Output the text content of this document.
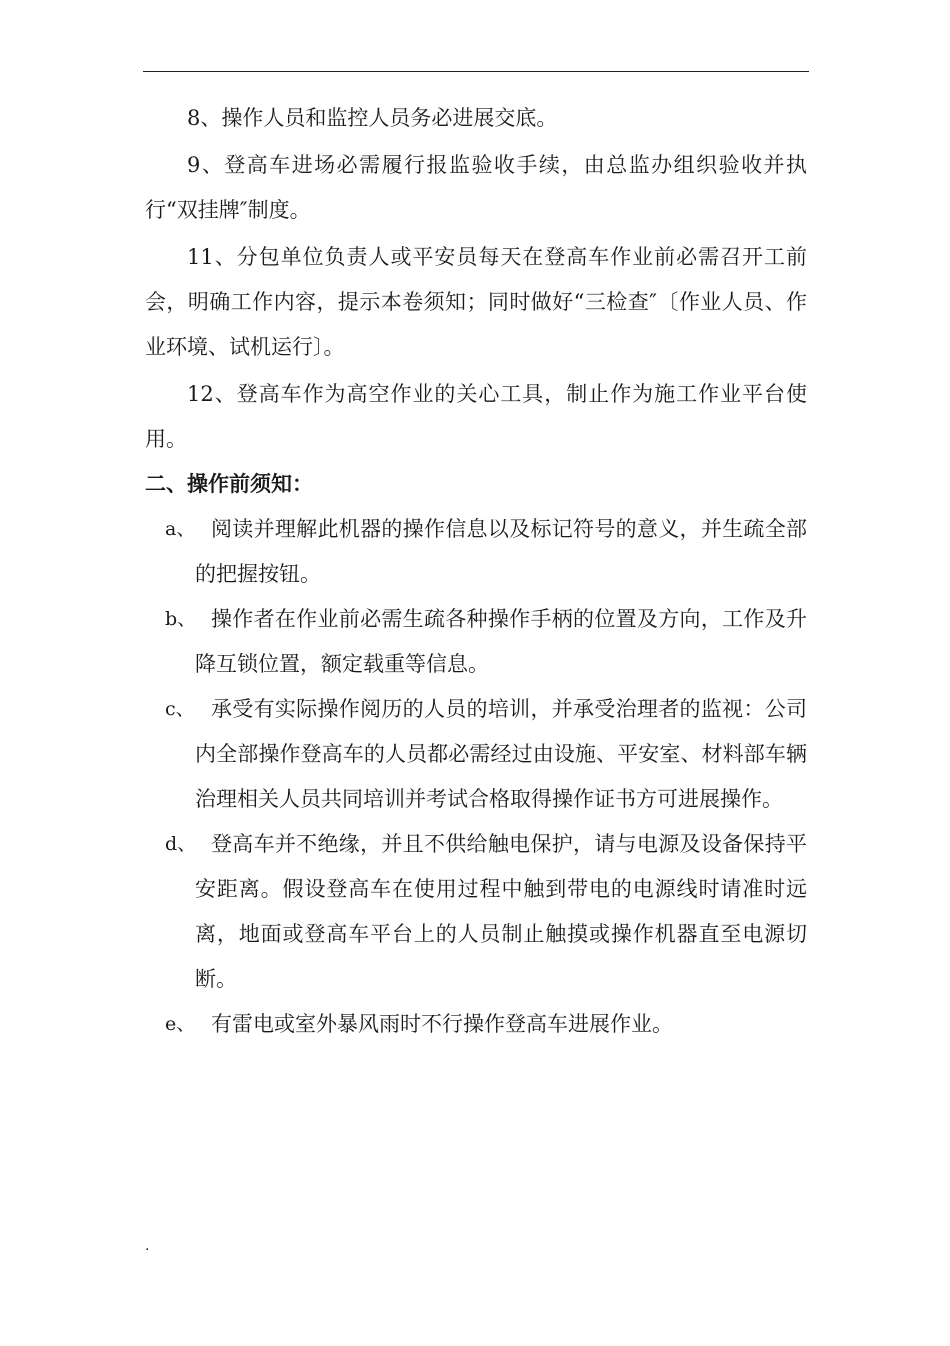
8、操作人员和监控人员务必进展交底。

9、登高车进场必需履行报监验收手续，由总监办组织验收并执行“双挂牌″制度。

11、分包单位负责人或平安员每天在登高车作业前必需召开工前会，明确工作内容，提示本卷须知；同时做好“三检查″〔作业人员、作业环境、试机运行〕。

12、登高车作为高空作业的关心工具，制止作为施工作业平台使用。

二、操作前须知：

a、 阅读并理解此机器的操作信息以及标记符号的意义，并生疏全部的把握按钮。
b、 操作者在作业前必需生疏各种操作手柄的位置及方向，工作及升降互锁位置，额定载重等信息。
c、 承受有实际操作阅历的人员的培训，并承受治理者的监视：公司内全部操作登高车的人员都必需经过由设施、平安室、材料部车辆治理相关人员共同培训并考试合格取得操作证书方可进展操作。
d、 登高车并不绝缘，并且不供给触电保护，请与电源及设备保持平安距离。假设登高车在使用过程中触到带电的电源线时请准时远离，地面或登高车平台上的人员制止触摸或操作机器直至电源切断。
e、 有雷电或室外暴风雨时不行操作登高车进展作业。
.
